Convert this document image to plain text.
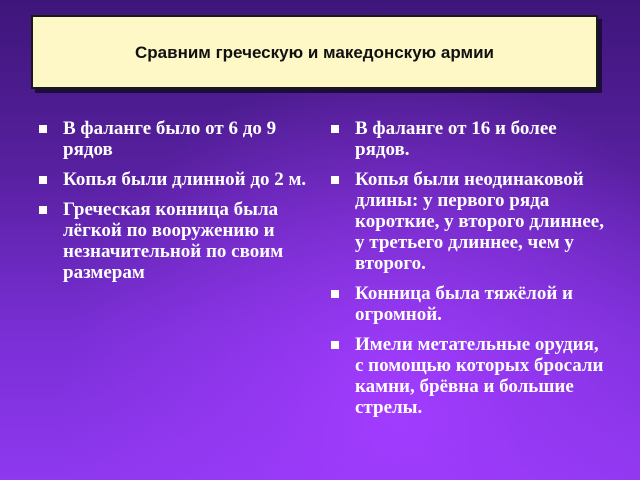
Сравним греческую и македонскую армии
В фаланге было от 6 до 9 рядов
Копья были длинной до 2 м.
Греческая конница была лёгкой по вооружению и незначительной по своим размерам
В фаланге от 16 и более рядов.
Копья были неодинаковой длины: у первого ряда короткие, у второго длиннее, у третьего длиннее, чем у второго.
Конница была тяжёлой и огромной.
Имели метательные орудия, с помощью которых бросали камни, брёвна и большие стрелы.
